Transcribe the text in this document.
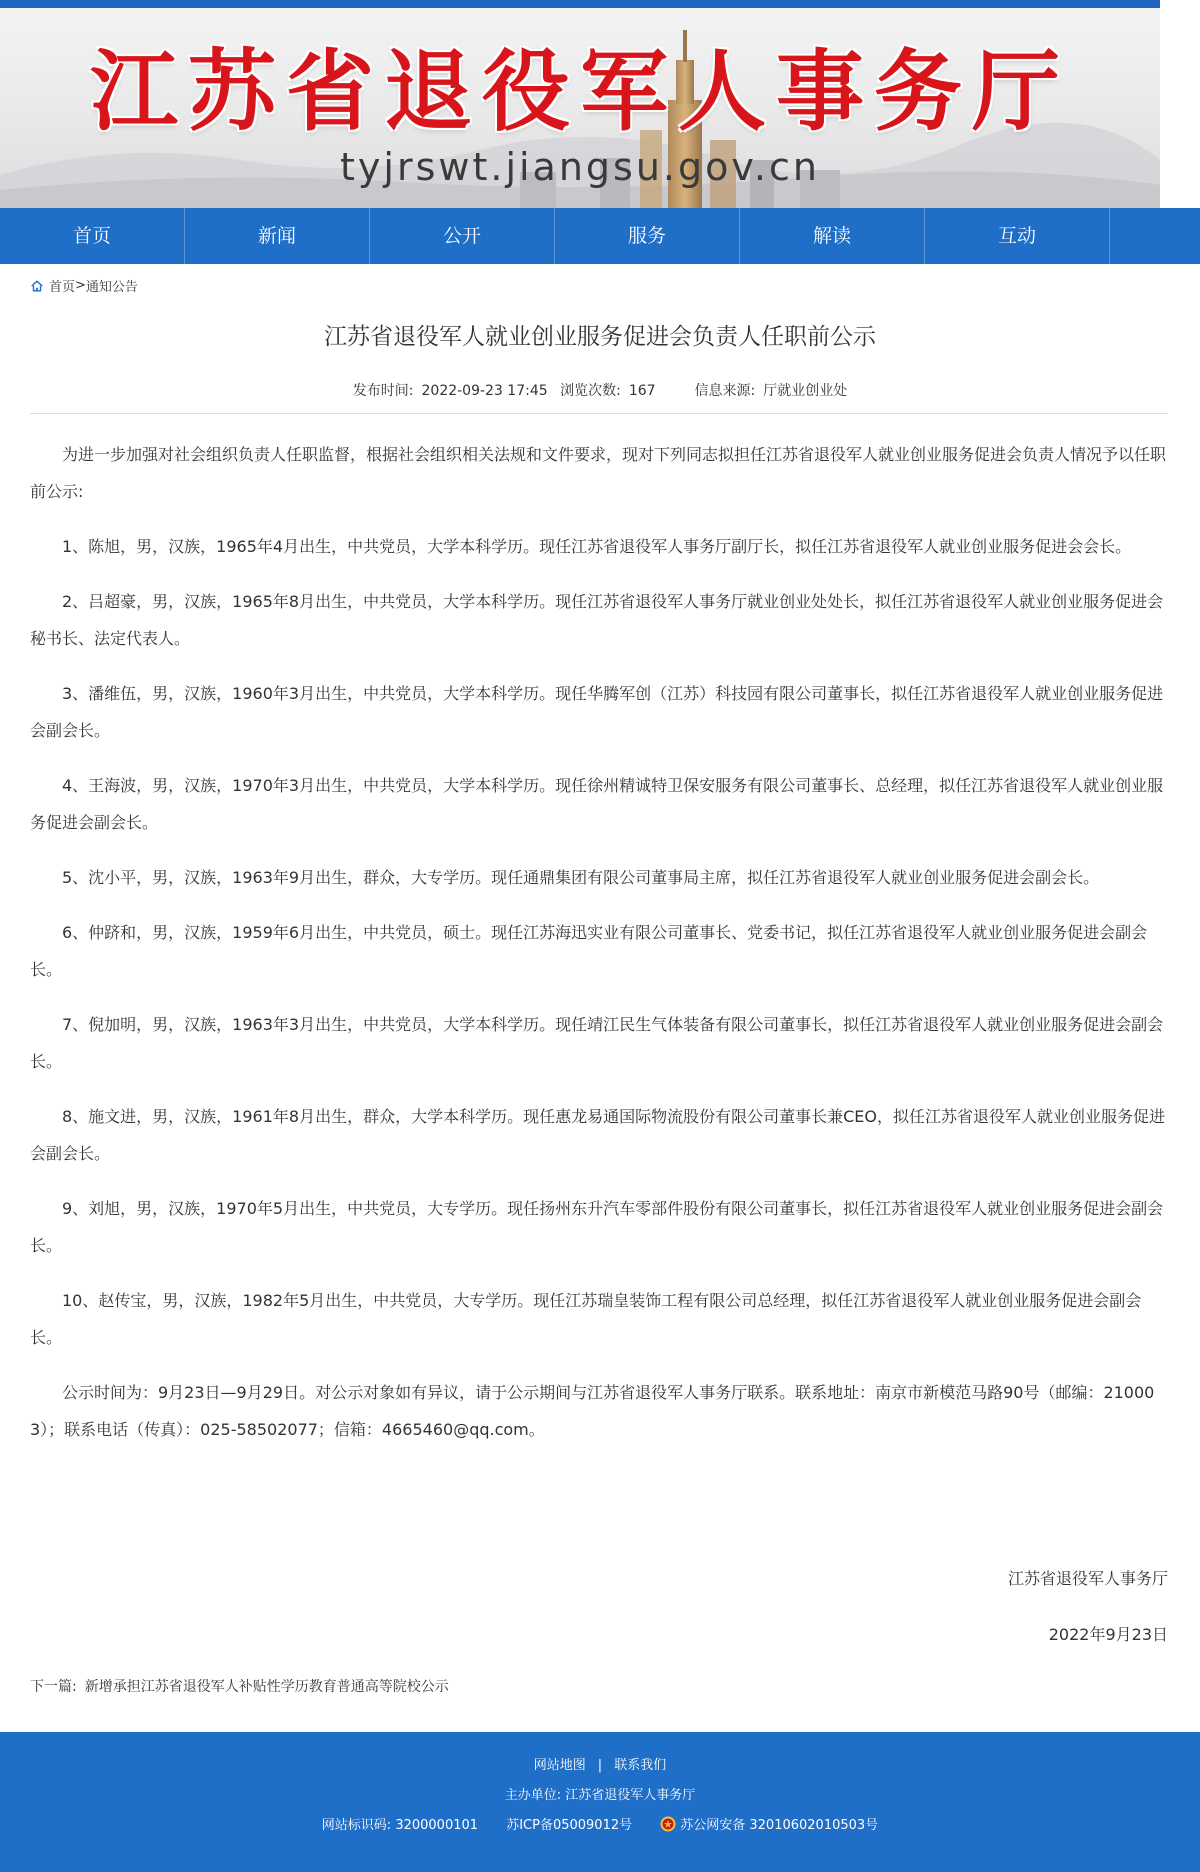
江苏省退役军人事务厅
tyjrswt.jiangsu.gov.cn
首页	新闻	公开	服务	解读	互动
首页 > 通知公告
江苏省退役军人就业创业服务促进会负责人任职前公示
发布时间: 2022-09-23 17:45 浏览次数: 167	信息来源: 厅就业创业处

为进一步加强对社会组织负责人任职监督，根据社会组织相关法规和文件要求，现对下列同志拟担任江苏省退役军人就业创业服务促进会负责人情况予以任职前公示:

1、陈旭，男，汉族，1965年4月出生，中共党员，大学本科学历。现任江苏省退役军人事务厅副厅长，拟任江苏省退役军人就业创业服务促进会会长。

2、吕超豪，男，汉族，1965年8月出生，中共党员，大学本科学历。现任江苏省退役军人事务厅就业创业处处长，拟任江苏省退役军人就业创业服务促进会秘书长、法定代表人。

3、潘维伍，男，汉族，1960年3月出生，中共党员，大学本科学历。现任华腾军创（江苏）科技园有限公司董事长，拟任江苏省退役军人就业创业服务促进会副会长。

4、王海波，男，汉族，1970年3月出生，中共党员，大学本科学历。现任徐州精诚特卫保安服务有限公司董事长、总经理，拟任江苏省退役军人就业创业服务促进会副会长。

5、沈小平，男，汉族，1963年9月出生，群众，大专学历。现任通鼎集团有限公司董事局主席，拟任江苏省退役军人就业创业服务促进会副会长。

6、仲跻和，男，汉族，1959年6月出生，中共党员，硕士。现任江苏海迅实业有限公司董事长、党委书记，拟任江苏省退役军人就业创业服务促进会副会长。

7、倪加明，男，汉族，1963年3月出生，中共党员，大学本科学历。现任靖江民生气体装备有限公司董事长，拟任江苏省退役军人就业创业服务促进会副会长。

8、施文进，男，汉族，1961年8月出生，群众，大学本科学历。现任惠龙易通国际物流股份有限公司董事长兼CEO，拟任江苏省退役军人就业创业服务促进会副会长。

9、刘旭，男，汉族，1970年5月出生，中共党员，大专学历。现任扬州东升汽车零部件股份有限公司董事长，拟任江苏省退役军人就业创业服务促进会副会长。

10、赵传宝，男，汉族，1982年5月出生，中共党员，大专学历。现任江苏瑞皇装饰工程有限公司总经理，拟任江苏省退役军人就业创业服务促进会副会长。

公示时间为：9月23日—9月29日。对公示对象如有异议，请于公示期间与江苏省退役军人事务厅联系。联系地址：南京市新模范马路90号（邮编：210003）；联系电话（传真）：025-58502077；信箱：4665460@qq.com。

江苏省退役军人事务厅
2022年9月23日
下一篇: 新增承担江苏省退役军人补贴性学历教育普通高等院校公示
网站地图 | 联系我们
主办单位: 江苏省退役军人事务厅
网站标识码: 3200000101 苏ICP备05009012号	苏公网安备 32010602010503号
